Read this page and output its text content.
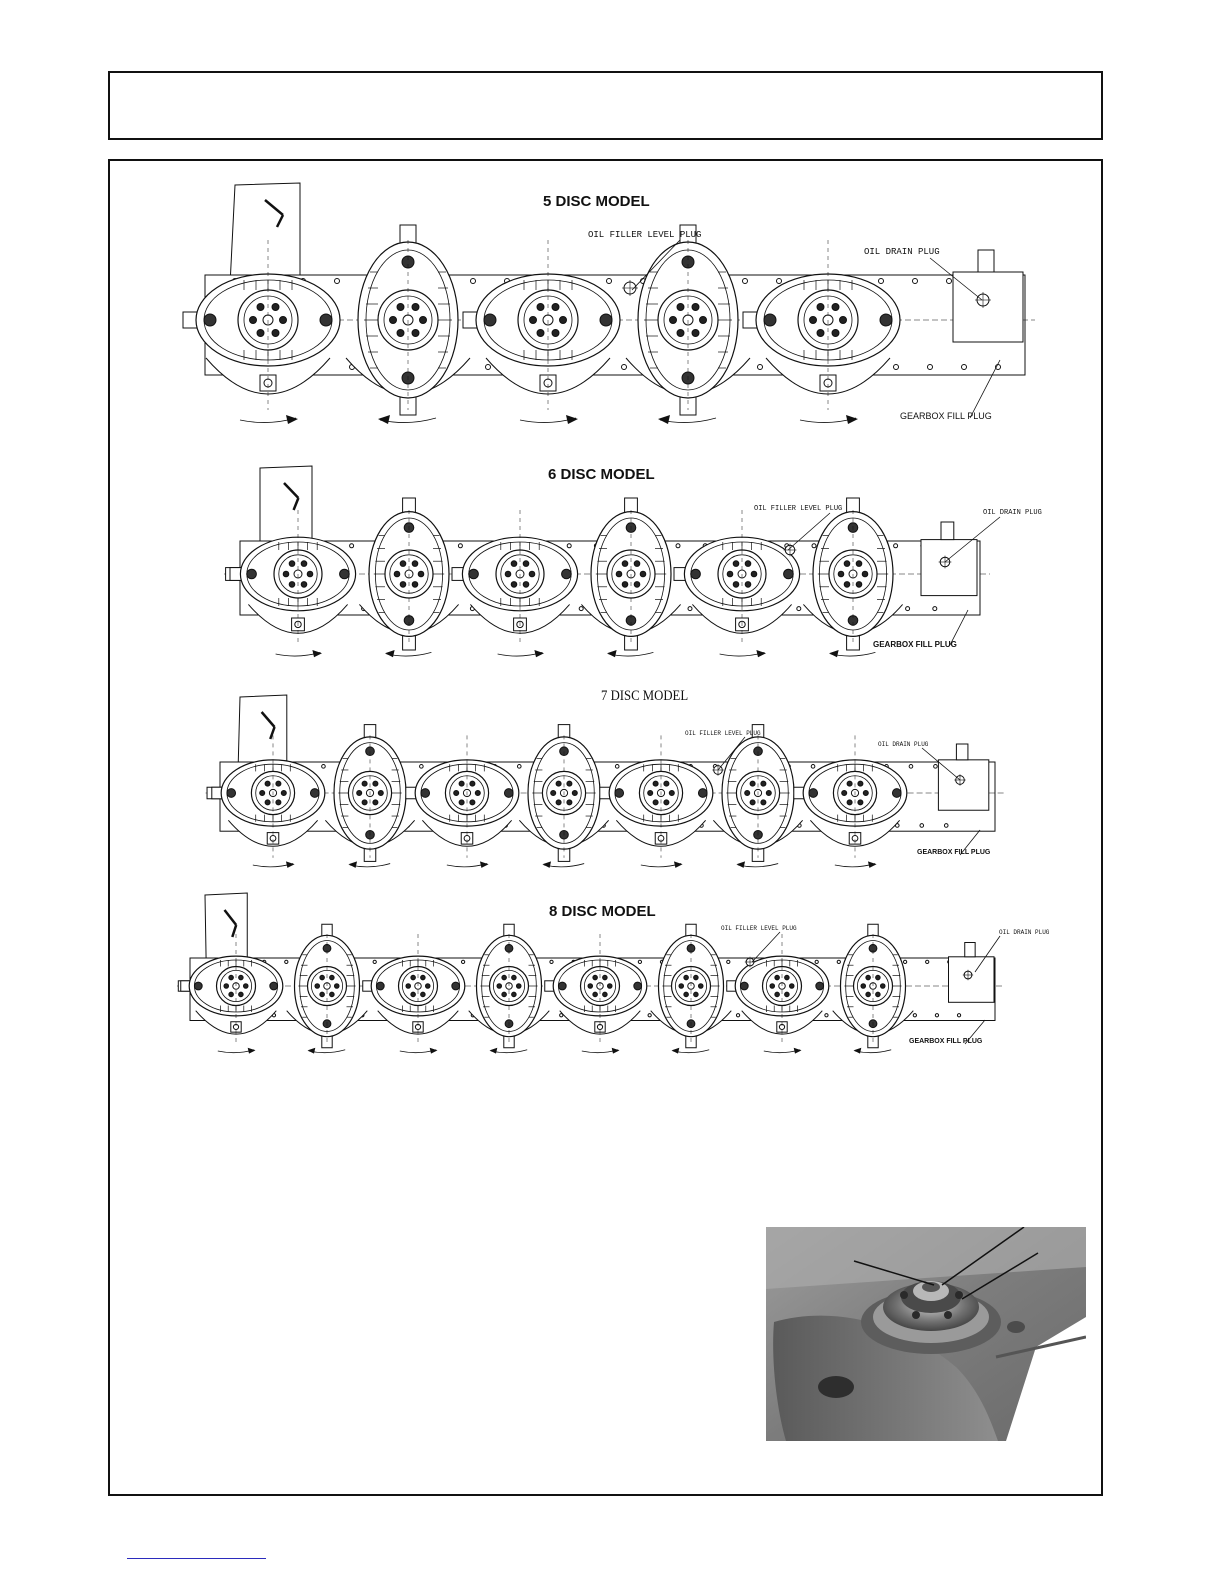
5 DISC MODEL
OIL FILLER LEVEL PLUG
OIL DRAIN PLUG
GEARBOX FILL PLUG
6 DISC MODEL
OIL FILLER LEVEL PLUG	OIL DRAIN PLUG
GEARBOX FILL PLUG
7 DISC MODEL
OIL FILLER LEVEL PLUG
OIL DRAIN PLUG
GEARBOX FILL PLUG
8 DISC MODEL
OIL FILLER LEVEL PLUG
OIL DRAIN PLUG
GEARBOX FILL PLUG
